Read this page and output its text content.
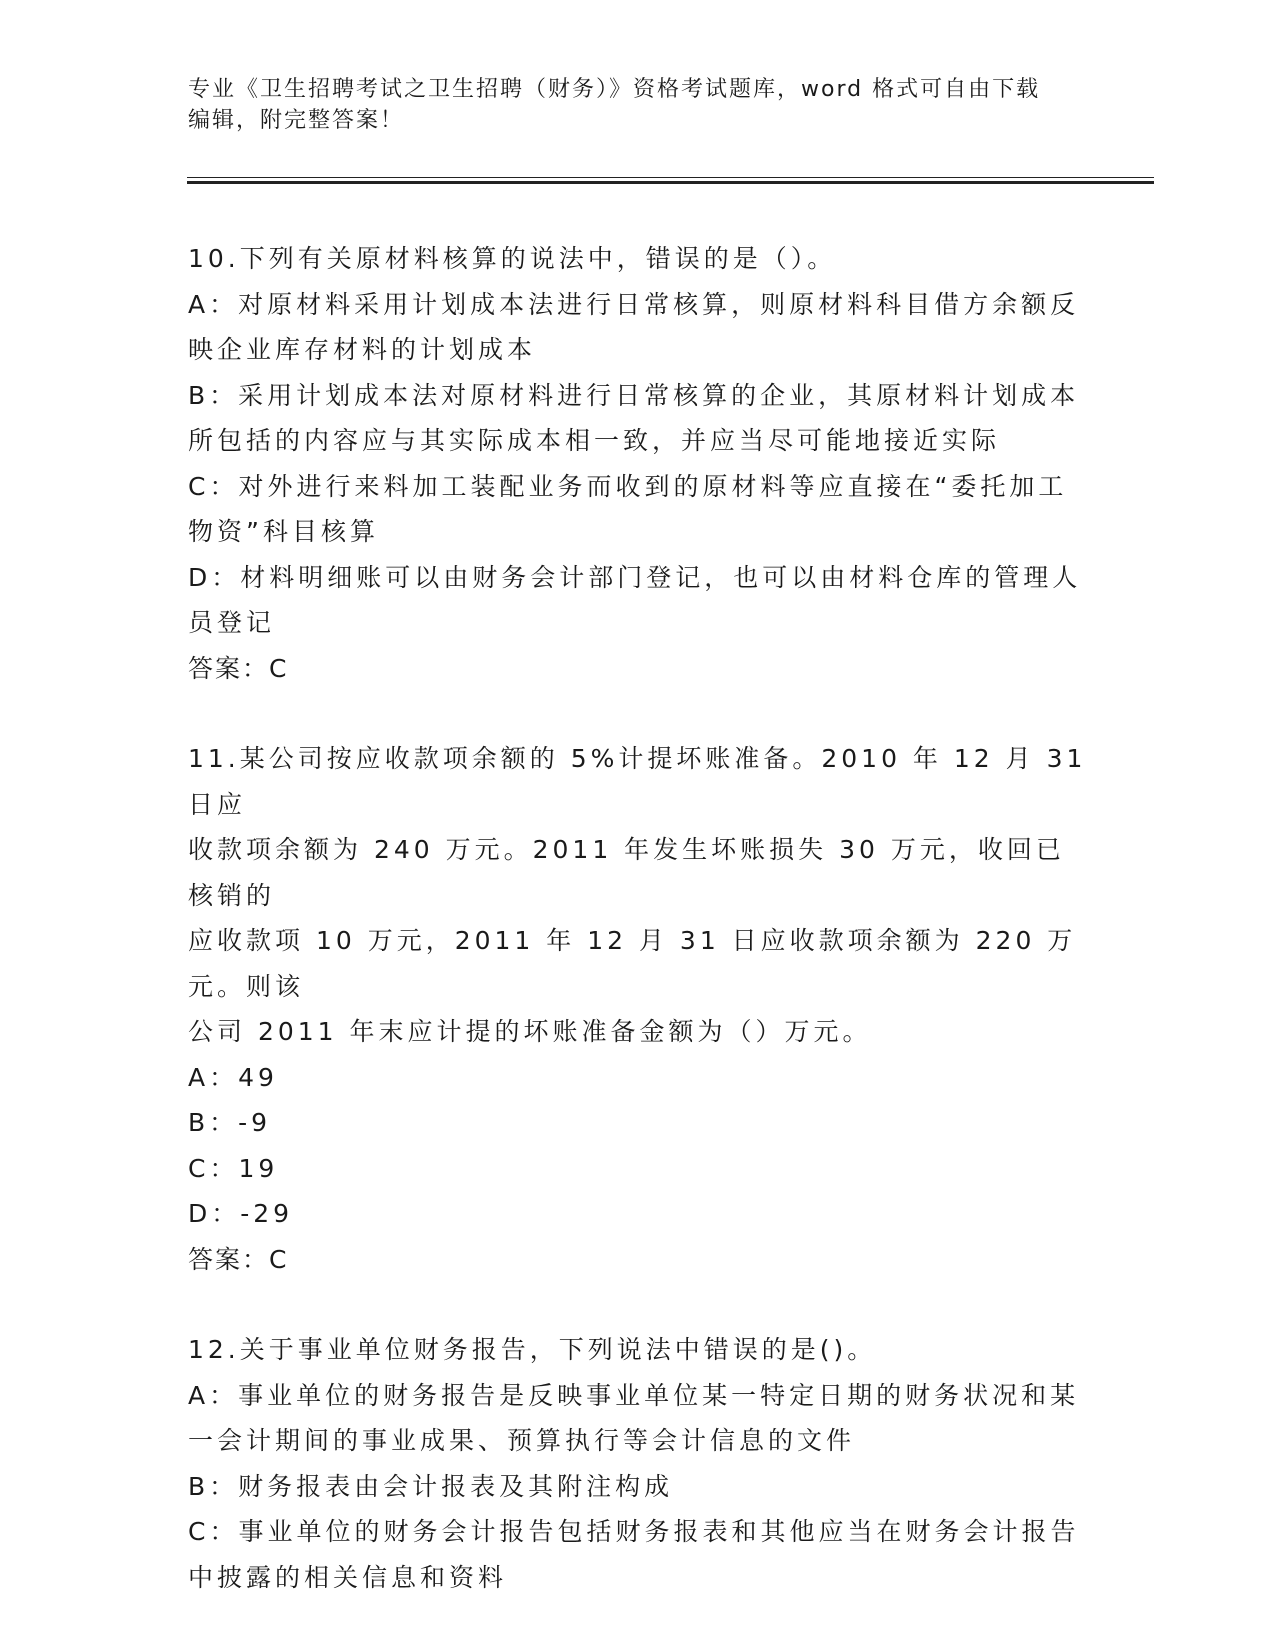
专业《卫生招聘考试之卫生招聘（财务）》资格考试题库，word 格式可自由下载
编辑，附完整答案！
10.下列有关原材料核算的说法中，错误的是（）。
A：对原材料采用计划成本法进行日常核算，则原材料科目借方余额反
映企业库存材料的计划成本
B：采用计划成本法对原材料进行日常核算的企业，其原材料计划成本
所包括的内容应与其实际成本相一致，并应当尽可能地接近实际
C：对外进行来料加工装配业务而收到的原材料等应直接在“委托加工
物资”科目核算
D：材料明细账可以由财务会计部门登记，也可以由材料仓库的管理人
员登记
答案：C
11.某公司按应收款项余额的 5%计提坏账准备。2010 年 12 月 31 日应
收款项余额为 240 万元。2011 年发生坏账损失 30 万元，收回已核销的
应收款项 10 万元，2011 年 12 月 31 日应收款项余额为 220 万元。则该
公司 2011 年末应计提的坏账准备金额为（）万元。
A：49
B：-9
C：19
D：-29
答案：C
12.关于事业单位财务报告，下列说法中错误的是()。
A：事业单位的财务报告是反映事业单位某一特定日期的财务状况和某
一会计期间的事业成果、预算执行等会计信息的文件
B：财务报表由会计报表及其附注构成
C：事业单位的财务会计报告包括财务报表和其他应当在财务会计报告
中披露的相关信息和资料
